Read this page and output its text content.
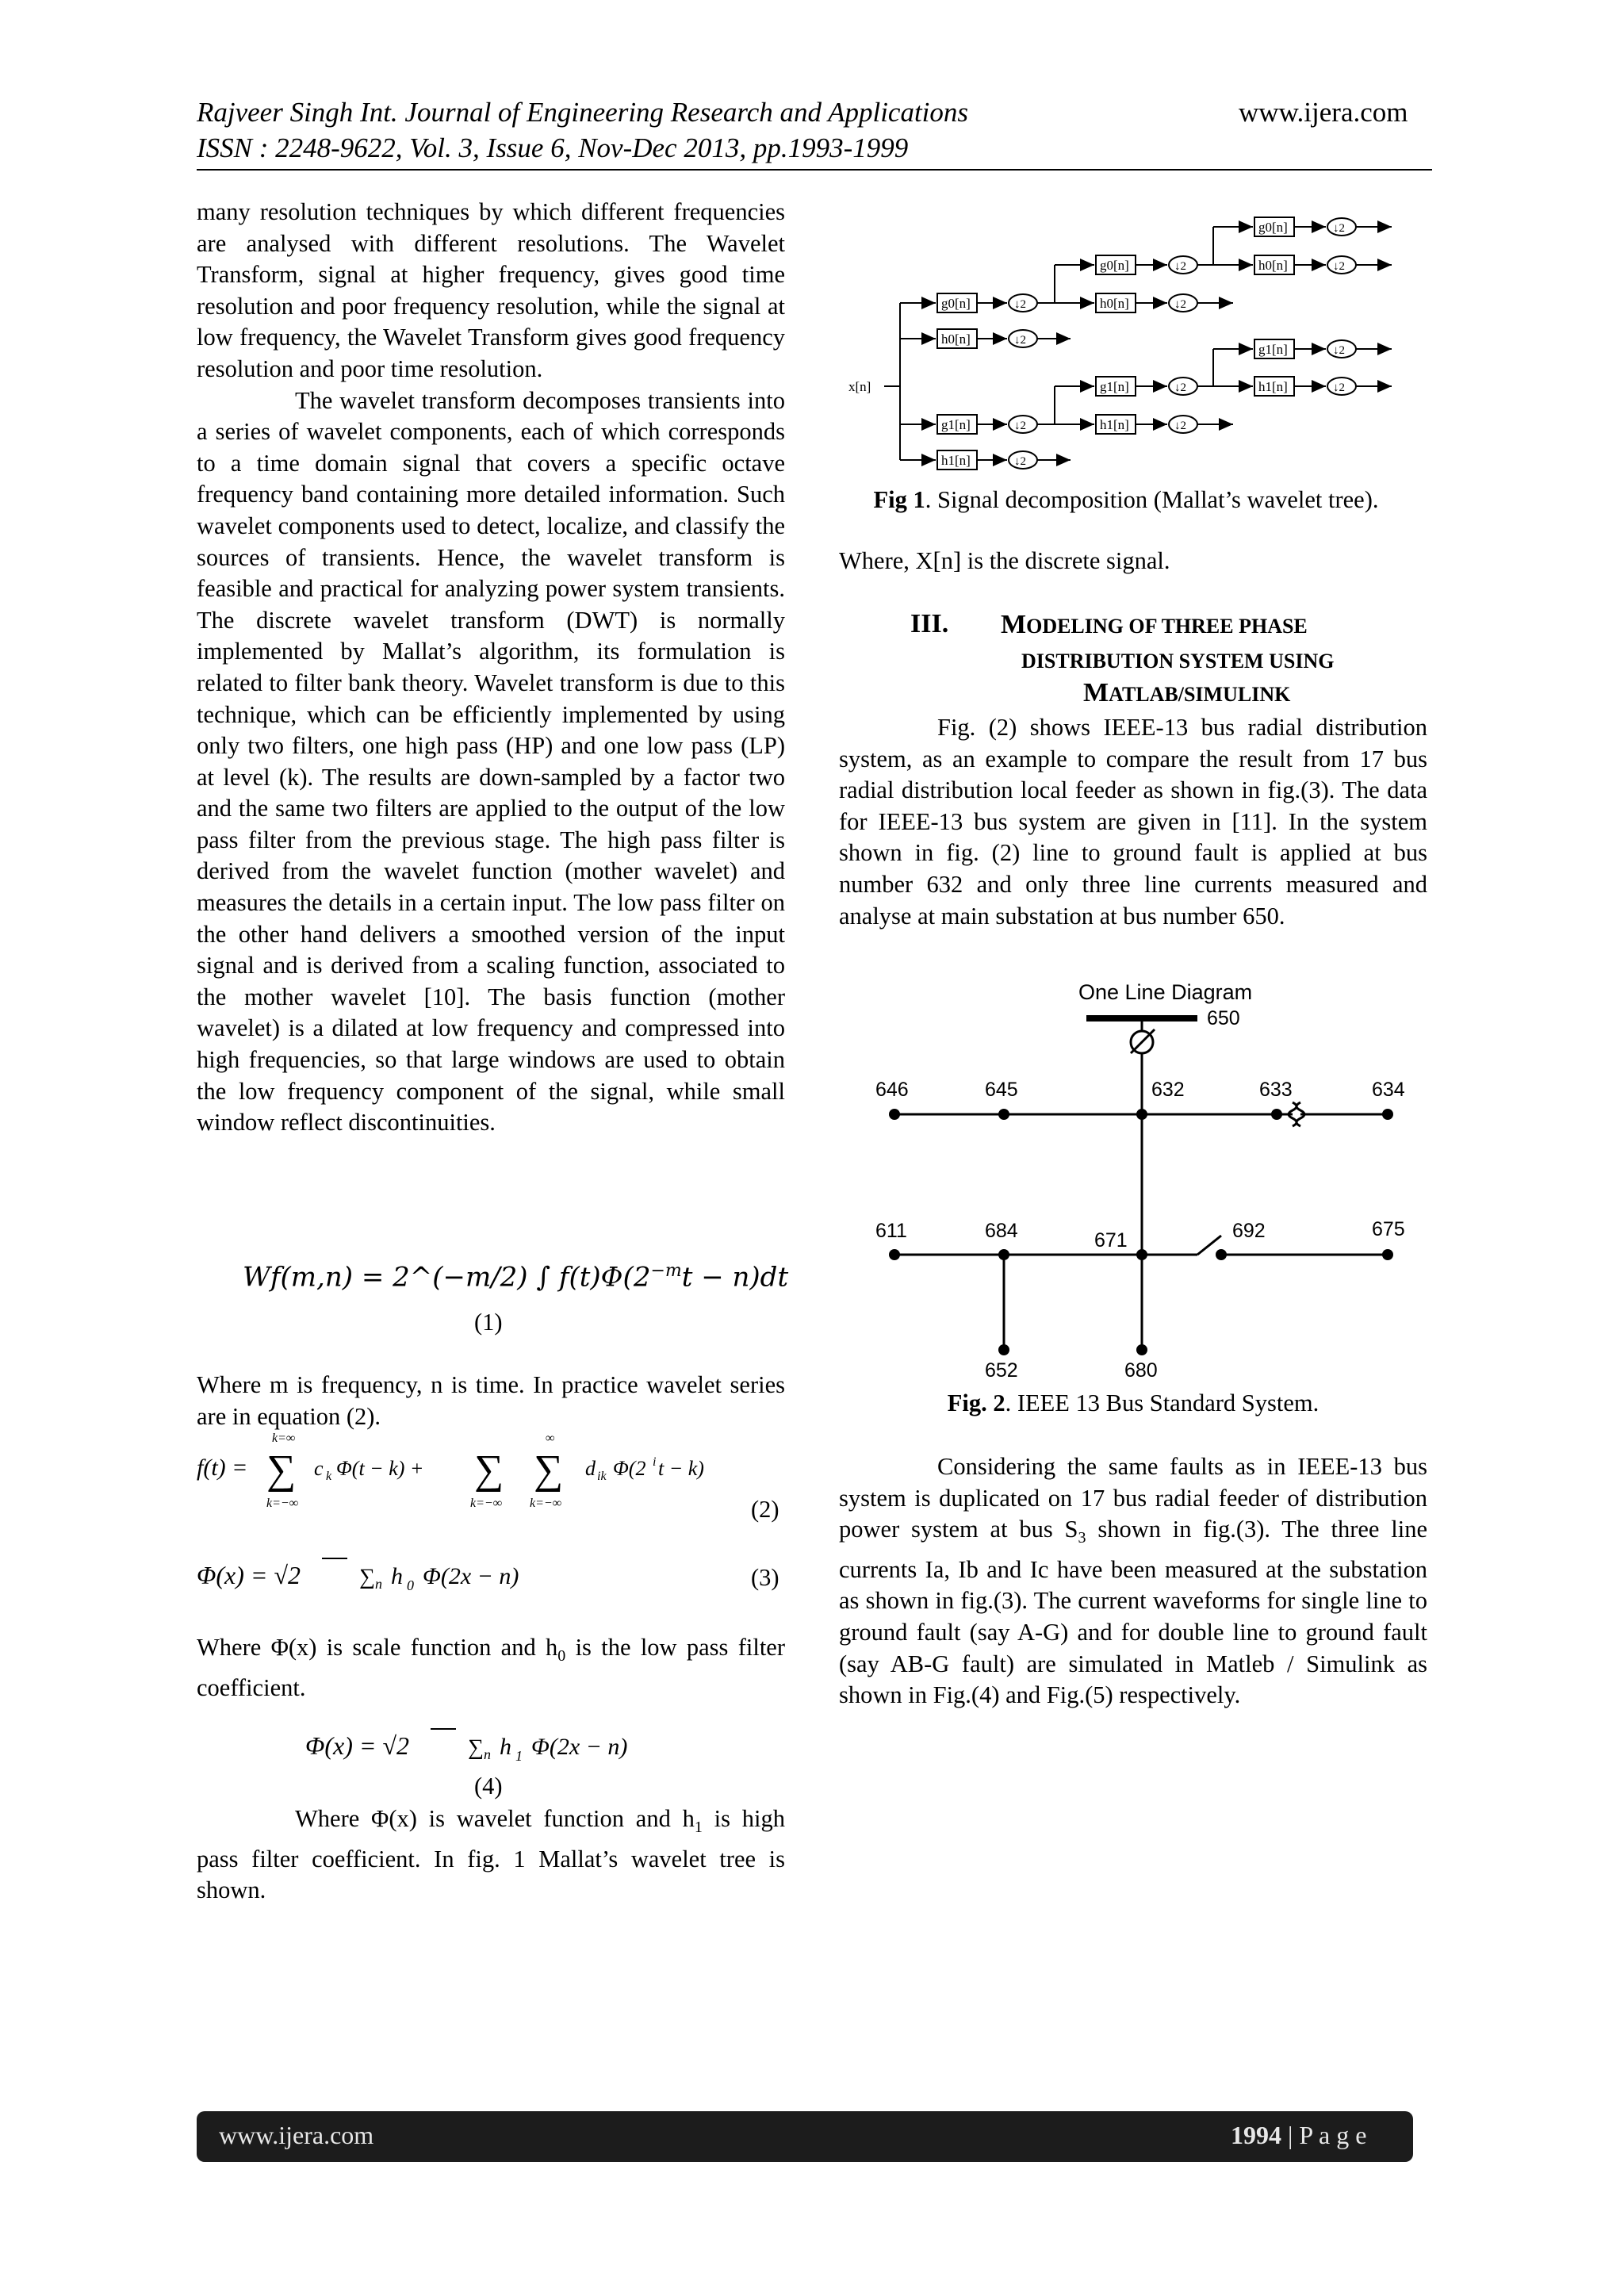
Rajveer Singh Int. Journal of Engineering Research and Applications	www.ijera.com
ISSN : 2248-9622, Vol. 3, Issue 6, Nov-Dec 2013, pp.1993-1999

many resolution techniques by which different frequencies are analysed with different resolutions. The Wavelet Transform, signal at higher frequency, gives good time resolution and poor frequency resolution, while the signal at low frequency, the Wavelet Transform gives good frequency resolution and poor time resolution.

The wavelet transform decomposes transients into a series of wavelet components, each of which corresponds to a time domain signal that covers a specific octave frequency band containing more detailed information. Such wavelet components used to detect, localize, and classify the sources of transients. Hence, the wavelet transform is feasible and practical for analyzing power system transients. The discrete wavelet transform (DWT) is normally implemented by Mallat’s algorithm, its formulation is related to filter bank theory. Wavelet transform is due to this technique, which can be efficiently implemented by using only two filters, one high pass (HP) and one low pass (LP) at level (k). The results are down-sampled by a factor two and the same two filters are applied to the output of the low pass filter from the previous stage. The high pass filter is derived from the wavelet function (mother wavelet) and measures the details in a certain input. The low pass filter on the other hand delivers a smoothed version of the input signal and is derived from a scaling function, associated to the mother wavelet [10]. The basis function (mother wavelet) is a dilated at low frequency and compressed into high frequencies, so that large windows are used to obtain the low frequency component of the signal, while small window reflect discontinuities.

Wf(m,n) = 2^(−m/2) ∫ $f(t)\Phi(2^{-m}t - n)dt$
(1)
Where m is frequency, n is time. In practice wavelet series are in equation (2).
f(t) =
k=∞
∑
k=−∞
c k Φ(t − k) + ∑
k=−∞
∞
∑
k=−∞
d ik Φ(2 i t − k)
(2)
Φ(x) = √2	∑ n h 0 Φ(2x − n)	(3)
Where Φ(x) is scale function and $h_0$ is the low pass filter coefficient.
Φ(x) = √2	∑ n h 1 Φ(2x − n)
(4)
Where Φ(x) is wavelet function and $h_1$ is high pass filter coefficient. In fig. 1 Mallat’s wavelet tree is shown.
x[n]
g0[n]
h0[n]
g1[n]
h1[n]
↓2
↓2
↓2
↓2
g0[n]
h0[n]
g1[n]
h1[n]
↓2
↓2
↓2
↓2
g0[n]
h0[n]
g1[n]
h1[n]
↓2
↓2
↓2
↓2
Fig 1. Signal decomposition (Mallat’s wavelet tree).
Where, X[n] is the discrete signal.
III. MODELING OF THREE PHASE
DISTRIBUTION SYSTEM USING
MATLAB/SIMULINK
Fig. (2) shows IEEE-13 bus radial distribution system, as an example to compare the result from 17 bus radial distribution local feeder as shown in fig.(3). The data for IEEE-13 bus system are given in [11]. In the system shown in fig. (2) line to ground fault is applied at bus number 632 and only three line currents measured and analyse at main substation at bus number 650.
One Line Diagram
650
646	645	632	633	634
611	684	671	692	675
652	680
Fig. 2. IEEE 13 Bus Standard System.
Considering the same faults as in IEEE-13 bus system is duplicated on 17 bus radial feeder of distribution power system at bus $S_3$ shown in fig.(3). The three line currents Ia, Ib and Ic have been measured at the substation as shown in fig.(3). The current waveforms for single line to ground fault (say A-G) and for double line to ground fault (say AB-G fault) are simulated in Matleb / Simulink as shown in Fig.(4) and Fig.(5) respectively.
www.ijera.com	1994 | P a g e
